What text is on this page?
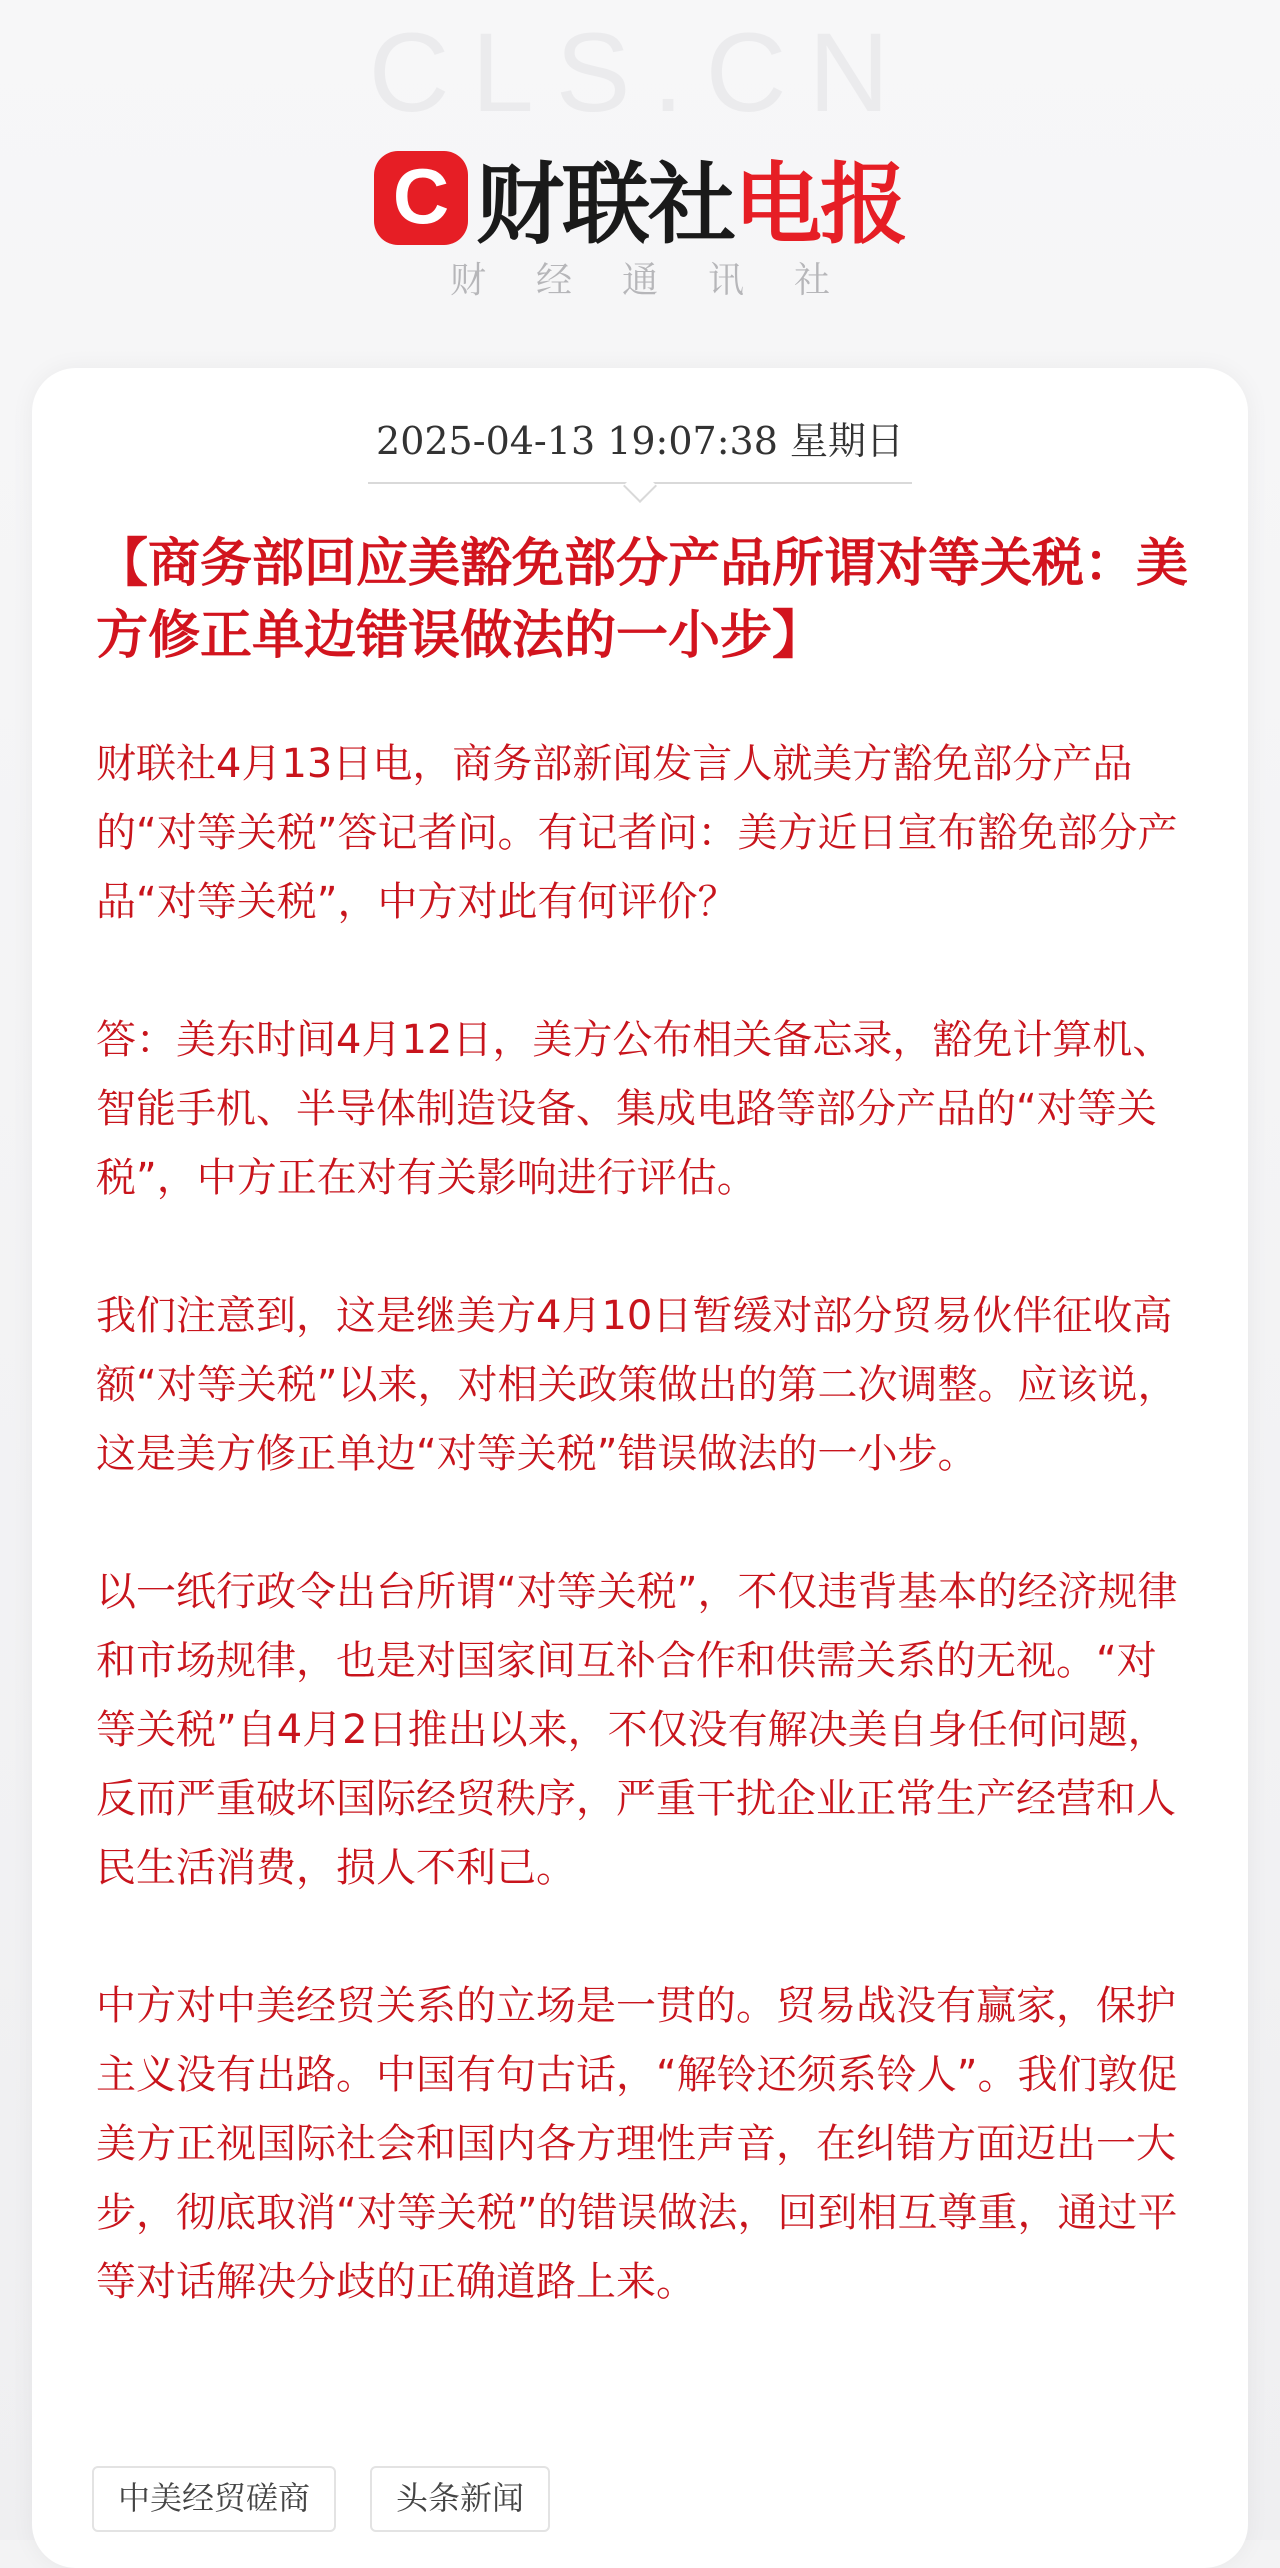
CLS.CN
C 财联社 电报
财经通讯社
2025-04-13 19:07:38 星期日
【商务部回应美豁免部分产品所谓对等关税：美方修正单边错误做法的一小步】

财联社4月13日电，商务部新闻发言人就美方豁免部分产品的“对等关税”答记者问。有记者问：美方近日宣布豁免部分产品“对等关税”，中方对此有何评价？

答：美东时间4月12日，美方公布相关备忘录，豁免计算机、智能手机、半导体制造设备、集成电路等部分产品的“对等关税”，中方正在对有关影响进行评估。

我们注意到，这是继美方4月10日暂缓对部分贸易伙伴征收高额“对等关税”以来，对相关政策做出的第二次调整。应该说，这是美方修正单边“对等关税”错误做法的一小步。

以一纸行政令出台所谓“对等关税”，不仅违背基本的经济规律和市场规律，也是对国家间互补合作和供需关系的无视。“对等关税”自4月2日推出以来，不仅没有解决美自身任何问题，反而严重破坏国际经贸秩序，严重干扰企业正常生产经营和人民生活消费，损人不利己。

中方对中美经贸关系的立场是一贯的。贸易战没有赢家，保护主义没有出路。中国有句古话，“解铃还须系铃人”。我们敦促美方正视国际社会和国内各方理性声音，在纠错方面迈出一大步，彻底取消“对等关税”的错误做法，回到相互尊重，通过平等对话解决分歧的正确道路上来。

中美经贸磋商	头条新闻
